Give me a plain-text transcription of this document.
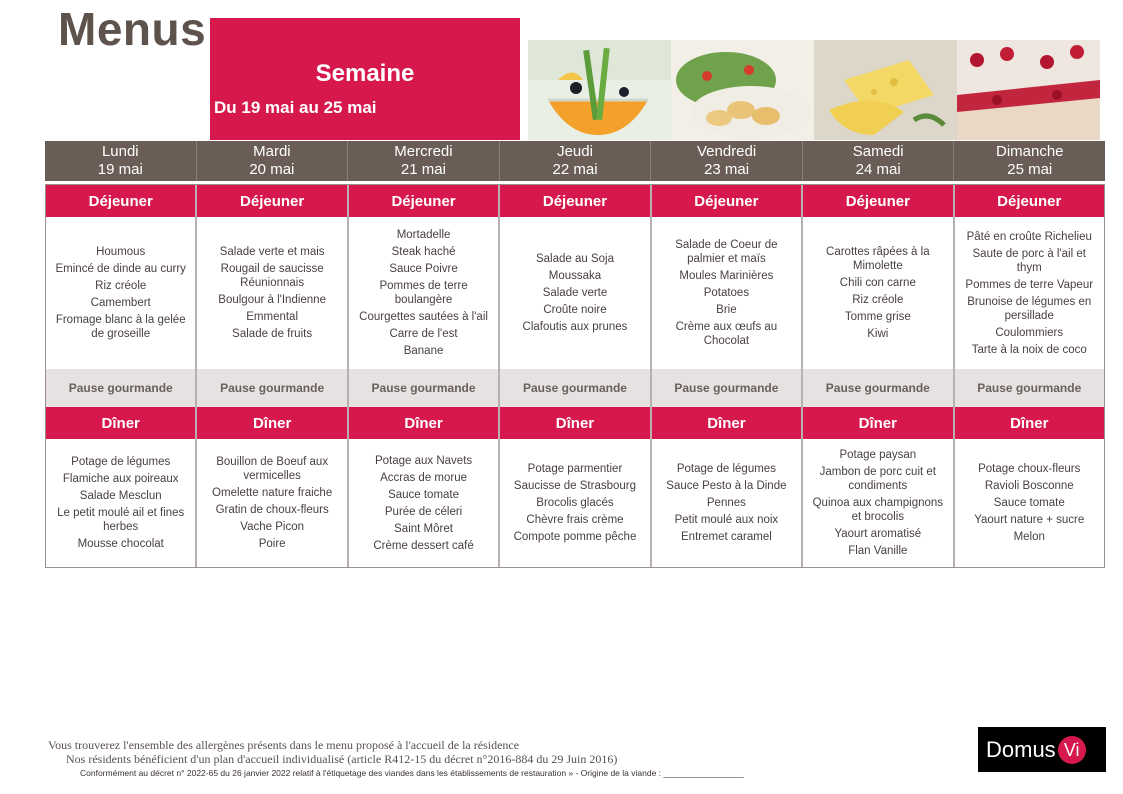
Menus
Semaine
Du 19 mai au 25 mai
Lundi
19 mai
Mardi
20 mai
Mercredi
21 mai
Jeudi
22 mai
Vendredi
23 mai
Samedi
24 mai
Dimanche
25 mai
Déjeuner
Houmous
Emincé de dinde au curry
Riz créole
Camembert
Fromage blanc à la gelée de groseille
Pause gourmande
Dîner
Potage de légumes
Flamiche aux poireaux
Salade Mesclun
Le petit moulé ail et fines herbes
Mousse chocolat
Déjeuner
Salade verte et mais
Rougail de saucisse Réunionnais
Boulgour à l'Indienne
Emmental
Salade de fruits
Pause gourmande
Dîner
Bouillon de Boeuf aux vermicelles
Omelette nature fraiche
Gratin de choux-fleurs
Vache Picon
Poire
Déjeuner
Mortadelle
Steak haché
Sauce Poivre
Pommes de terre boulangère
Courgettes sautées à l'ail
Carre de l'est
Banane
Pause gourmande
Dîner
Potage aux Navets
Accras de morue
Sauce tomate
Purée de céleri
Saint Môret
Crème dessert café
Déjeuner
Salade au Soja
Moussaka
Salade verte
Croûte noire
Clafoutis aux prunes
Pause gourmande
Dîner
Potage parmentier
Saucisse de Strasbourg
Brocolis glacés
Chèvre frais crème
Compote pomme pêche
Déjeuner
Salade de Coeur de palmier et maïs
Moules Marinières
Potatoes
Brie
Crème aux œufs au Chocolat
Pause gourmande
Dîner
Potage de légumes
Sauce Pesto à la Dinde
Pennes
Petit moulé aux noix
Entremet caramel
Déjeuner
Carottes râpées à la Mimolette
Chili con carne
Riz créole
Tomme grise
Kiwi
Pause gourmande
Dîner
Potage paysan
Jambon de porc cuit et condiments
Quinoa aux champignons et brocolis
Yaourt aromatisé
Flan Vanille
Déjeuner
Pâté en croûte Richelieu
Saute de porc à l'ail et thym
Pommes de terre Vapeur
Brunoise de légumes en persillade
Coulommiers
Tarte à la noix de coco
Pause gourmande
Dîner
Potage choux-fleurs
Ravioli Bosconne
Sauce tomate
Yaourt nature + sucre
Melon
Vous trouverez l'ensemble des allergènes présents dans le menu proposé à l'accueil de la résidence
Nos résidents bénéficient d'un plan d'accueil individualisé (article R412-15 du décret n°2016-884 du 29 Juin 2016)
Conformément au décret n° 2022-65 du 26 janvier 2022 relatif à l'étiquetage des viandes dans les établissements de restauration » - Origine de la viande : _________________
Domus Vi
